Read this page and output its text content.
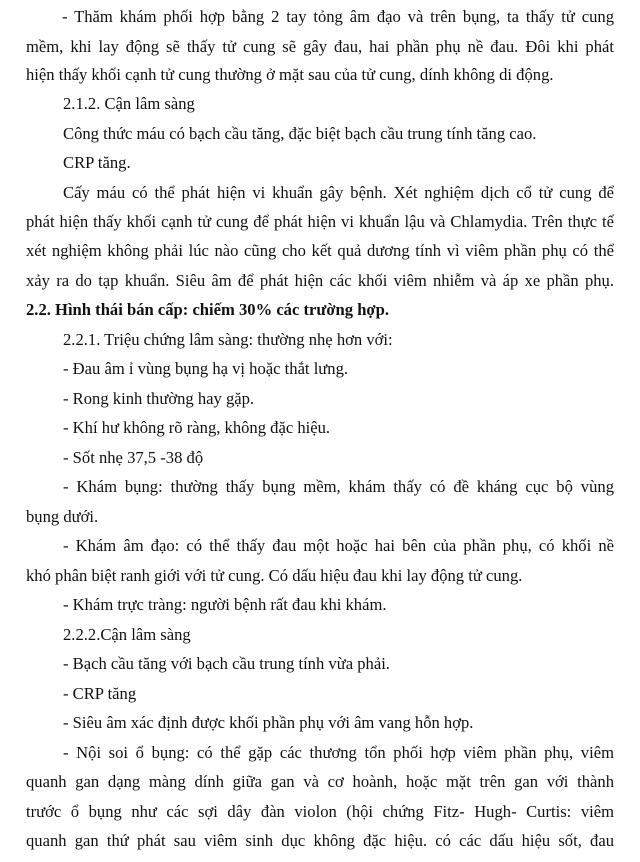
- Thăm khám phối hợp bằng 2 tay tỏng âm đạo và trên bụng, ta thấy tử cung
mềm, khi lay động sẽ thấy tử cung sẽ gây đau, hai phần phụ nề đau. Đôi khi phát
hiện thấy khối cạnh tử cung thường ở mặt sau của tử cung, dính không di động.
2.1.2. Cận lâm sàng
Công thức máu có bạch cầu tăng, đặc biệt bạch cầu trung tính tăng cao.
CRP tăng.
Cấy máu có thể phát hiện vi khuẩn gây bệnh. Xét nghiệm dịch cổ tử cung để
phát hiện thấy khối cạnh tử cung để phát hiện vi khuẩn lậu và Chlamydia. Trên thực tế
xét nghiệm không phải lúc nào cũng cho kết quả dương tính vì viêm phần phụ có thể
xảy ra do tạp khuẩn. Siêu âm để phát hiện các khối viêm nhiễm và áp xe phần phụ.
2.2. Hình thái bán cấp: chiếm 30% các trường hợp.
2.2.1. Triệu chứng lâm sàng: thường nhẹ hơn với:
- Đau âm ỉ vùng bụng hạ vị hoặc thắt lưng.
- Rong kinh thường hay gặp.
- Khí hư không rõ ràng, không đặc hiệu.
- Sốt nhẹ 37,5 -38 độ
- Khám bụng: thường thấy bụng mềm, khám thấy có đề kháng cục bộ vùng
bụng dưới.
- Khám âm đạo: có thể thấy đau một hoặc hai bên của phần phụ, có khối nề
khó phân biệt ranh giới với tử cung. Có dấu hiệu đau khi lay động tử cung.
- Khám trực tràng: người bệnh rất đau khi khám.
2.2.2.Cận lâm sàng
- Bạch cầu tăng với bạch cầu trung tính vừa phải.
- CRP tăng
- Siêu âm xác định được khối phần phụ với âm vang hỗn hợp.
- Nội soi ổ bụng: có thể gặp các thương tổn phối hợp viêm phần phụ, viêm
quanh gan dạng màng dính giữa gan và cơ hoành, hoặc mặt trên gan với thành
trước ổ bụng như các sợi dây đàn violon (hội chứng Fitz- Hugh- Curtis: viêm
quanh gan thứ phát sau viêm sinh dục không đặc hiệu. có các dấu hiệu sốt, đau
